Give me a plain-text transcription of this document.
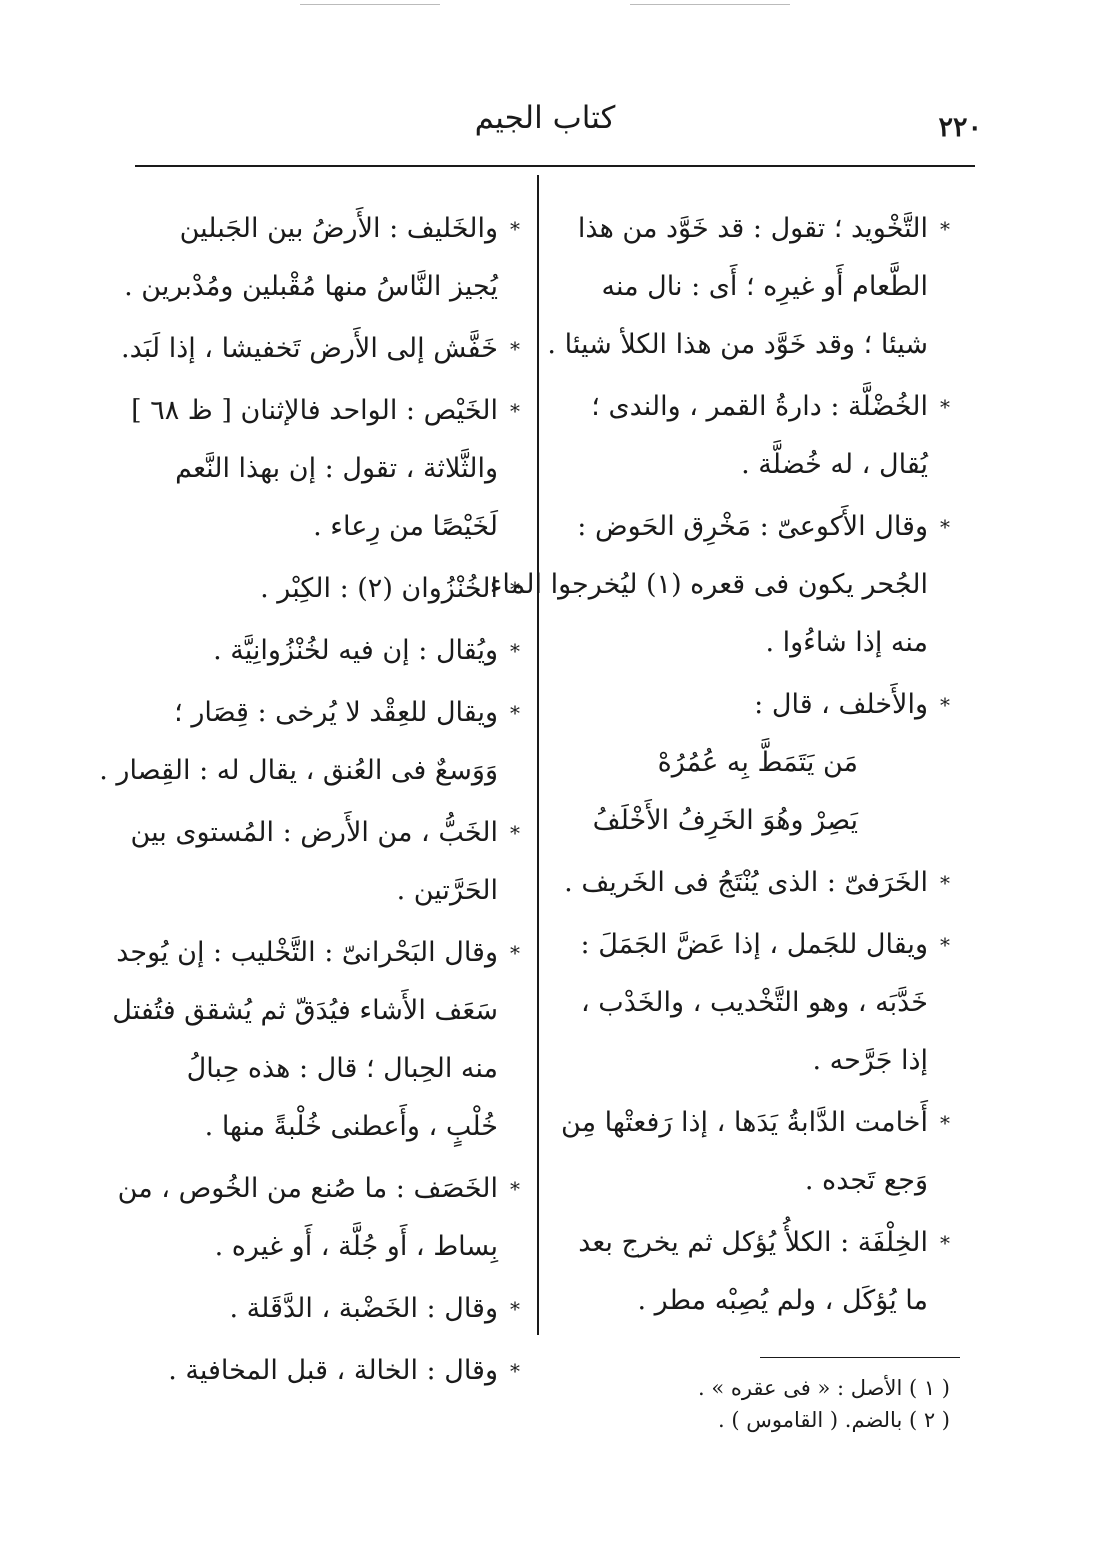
كتاب الجيم	٢٢٠
* التَّخْويد ؛ تقول : قد خَوَّد من هذا
الطَّعام أَو غيرِه ؛ أَى : نال منه
شيئا ؛ وقد خَوَّد من هذا الكلأ شيئا .
* الخُضْلَّة : دارةُ القمر ، والندى ؛
يُقال ، له خُضلَّة .
* وقال الأَكوعىّ : مَخْرِق الحَوض :
الجُحر يكون فى قعره (١) ليُخرجوا الماء
منه إذا شاءُوا .
* والأَخلف ، قال :
مَن يَتَمَطَّ بِه عُمُرُهْ
يَصِرْ وهُوَ الخَرِفُ الأَخْلَفُ
* الخَرَفىّ : الذى يُنْتَجُ فى الخَريف .
* ويقال للجَمل ، إذا عَضَّ الجَمَلَ :
خَدَّبَه ، وهو التَّخْديب ، والخَدْب ،
إذا جَرَّحه .
* أَخامت الدَّابةُ يَدَها ، إذا رَفعتْها مِن
وَجع تَجده .
* الخِلْفَة : الكلأُ يُؤكل ثم يخرج بعد
ما يُؤكَل ، ولم يُصِبْه مطر .
* والخَليف : الأَرضُ بين الجَبلين
يُجيز النَّاسُ منها مُقْبلين ومُدْبرين .
* خَفَّش إلى الأَرض تَخفيشا ، إذا لَبَد.
* الخَيْص : الواحد فالإثنان [ ظ ٦٨ ]
والثَّلاثة ، تقول : إن بهذا النَّعم
لَخَيْصًا من رِعاء .
* الخُنْزُوان (٢) : الكِبْر .
* ويُقال : إن فيه لخُنْزُوانِيَّة .
* ويقال للعِقْد لا يُرخى : قِصَار ؛
وَوَسعٌ فى العُنق ، يقال له : القِصار .
* الخَبُّ ، من الأَرض : المُستوى بين
الحَرَّتين .
* وقال البَحْرانىّ : التَّخْليب : إن يُوجد
سَعَف الأَشاء فيُدَقّ ثم يُشقق فتُفتل
منه الحِبال ؛ قال : هذه حِبالُ
خُلْبٍ ، وأَعطنى خُلْبةً منها .
* الخَصَف : ما صُنع من الخُوص ، من
بِساط ، أَو جُلَّة ، أَو غيره .
* وقال : الخَضْبة ، الدَّقَلة .
* وقال : الخالة ، قبل المخافية .
( ١ ) الأصل : « فى عقره » .
( ٢ ) بالضم. ( القاموس ) .
